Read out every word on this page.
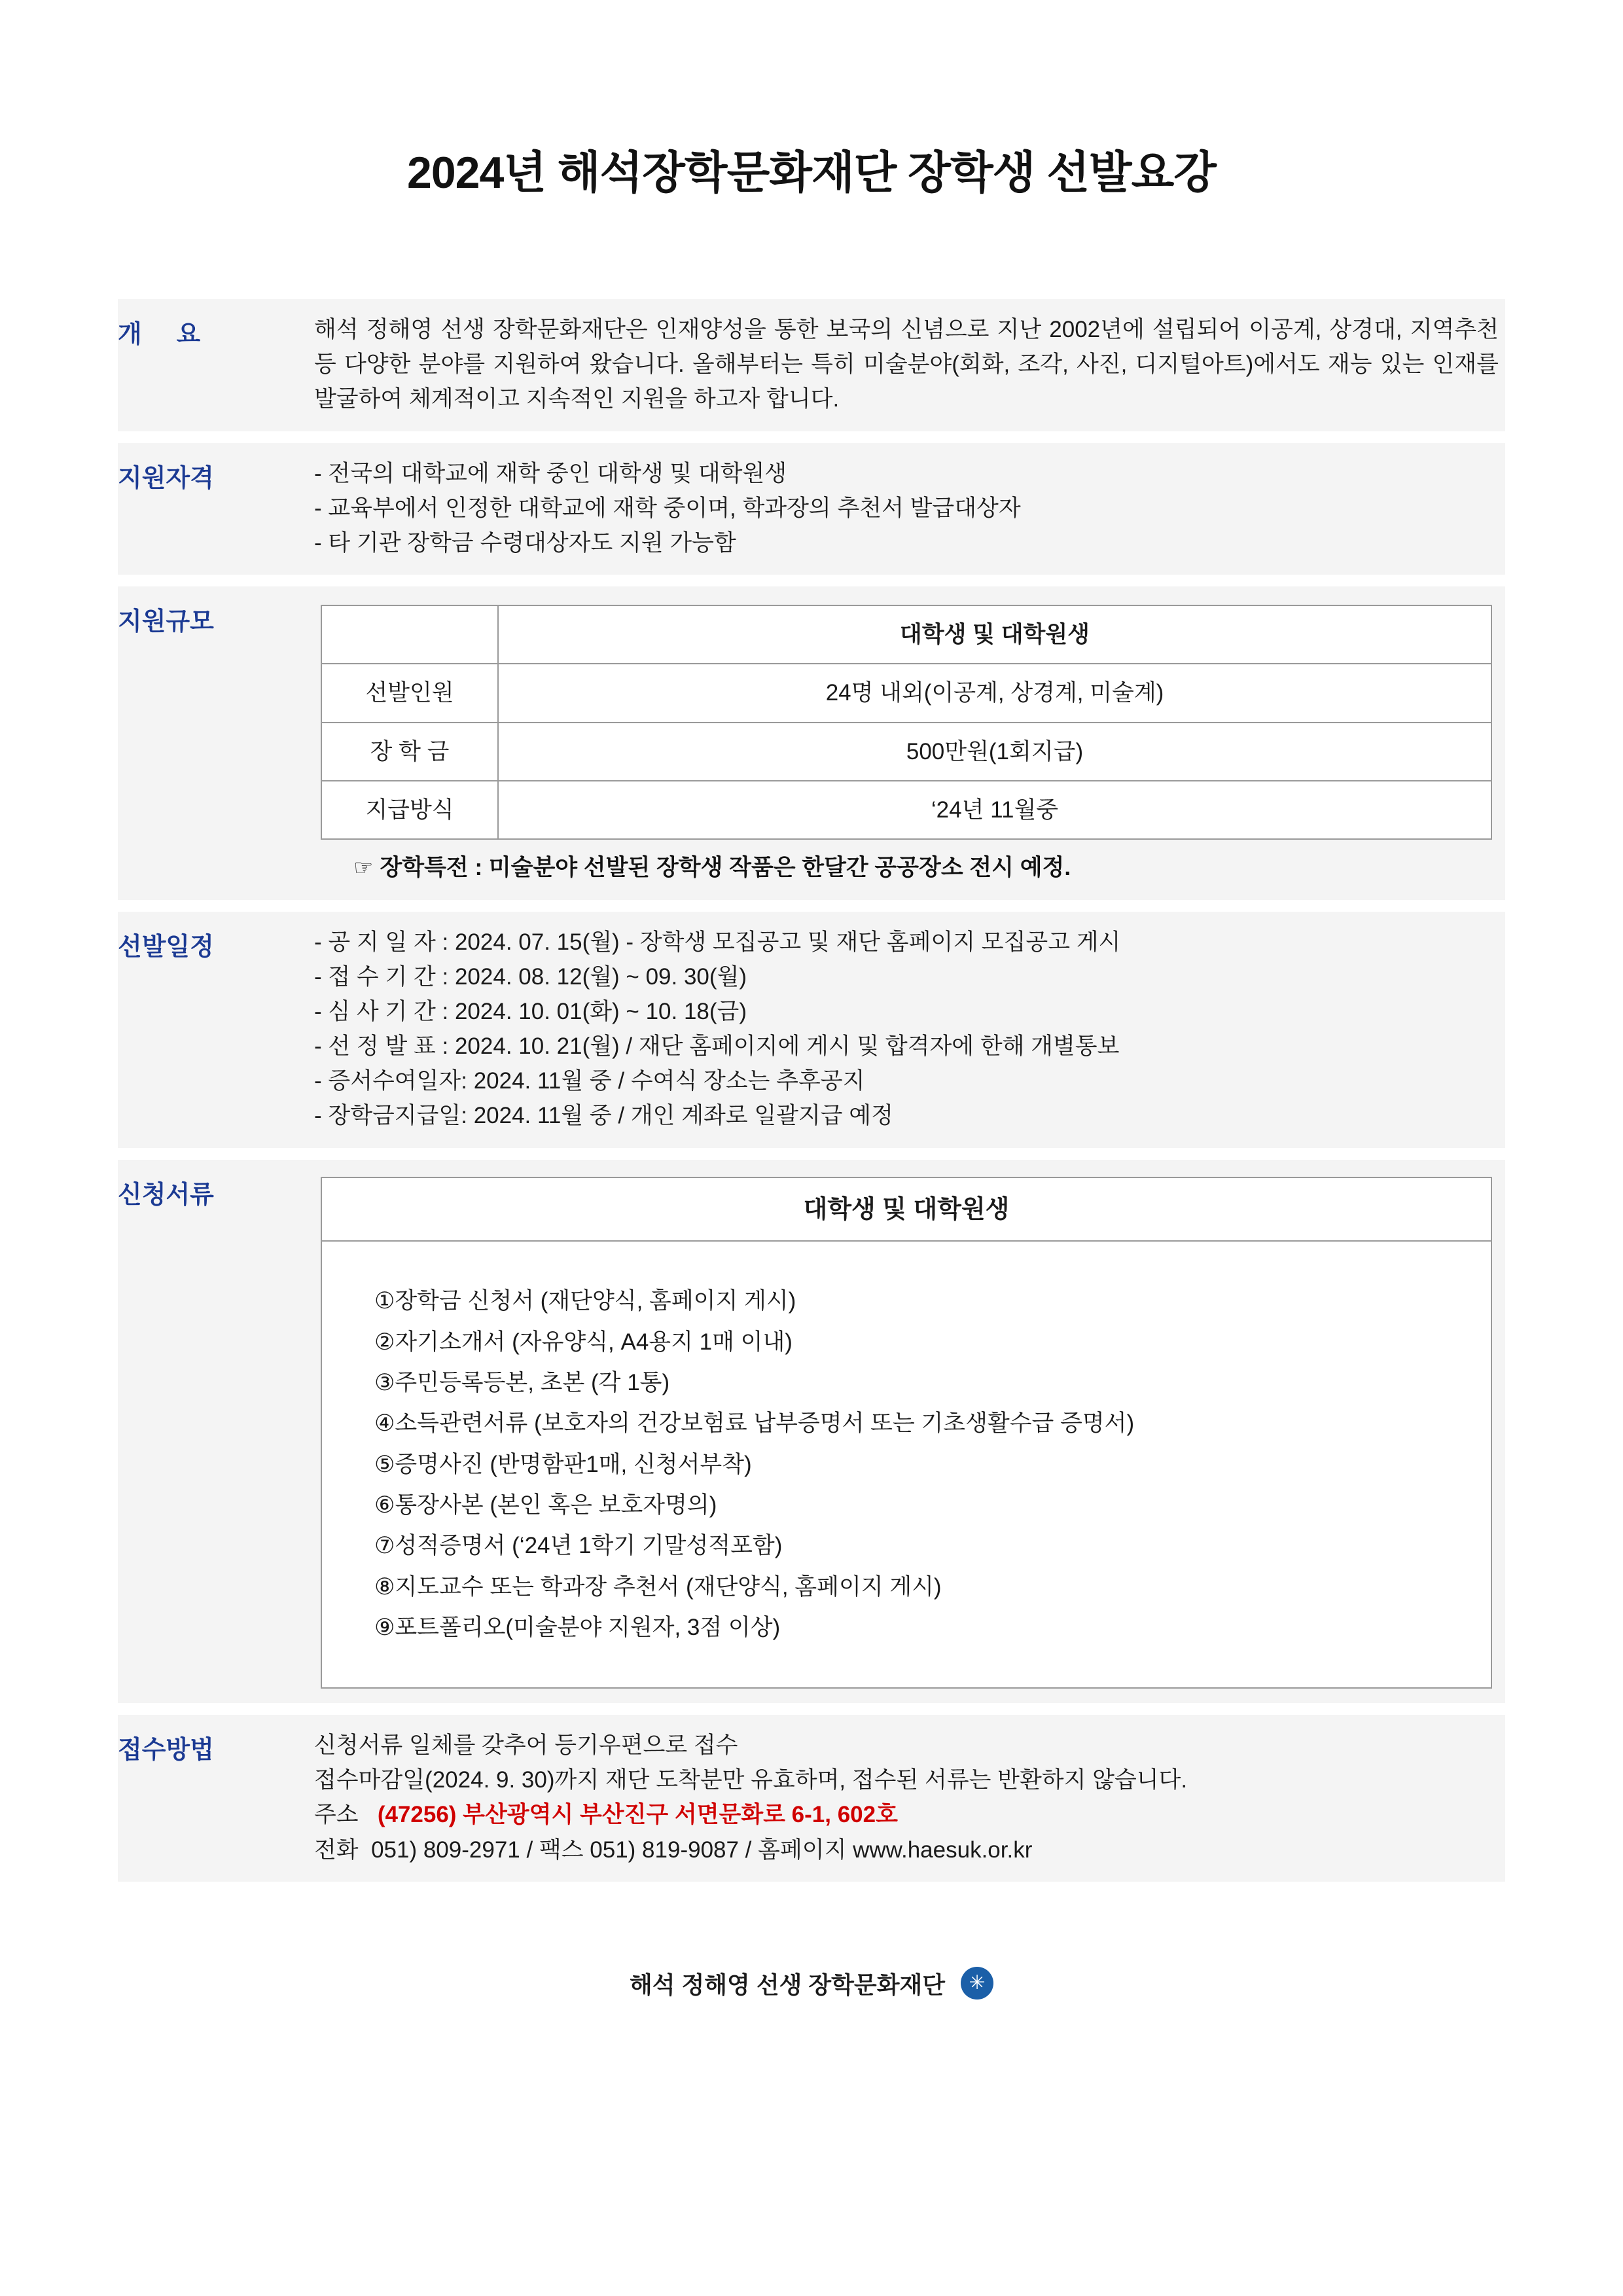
2024년 해석장학문화재단 장학생 선발요강
개     요	해석 정해영 선생 장학문화재단은 인재양성을 통한 보국의 신념으로 지난 2002년에 설립되어 이공계, 상경대, 지역추천 등 다양한 분야를 지원하여 왔습니다. 올해부터는 특히 미술분야(회화, 조각, 사진, 디지털아트)에서도 재능 있는 인재를 발굴하여 체계적이고 지속적인 지원을 하고자 합니다.

지원자격	- 전국의 대학교에 재학 중인 대학생 및 대학원생
- 교육부에서 인정한 대학교에 재학 중이며, 학과장의 추천서 발급대상자
- 타 기관 장학금 수령대상자도 지원 가능함
지원규모
		대학생 및 대학원생
선발인원	24명 내외(이공계, 상경계, 미술계)
장 학 금	500만원(1회지급)
지급방식	‘24년 11월중
☞ 장학특전 : 미술분야 선발된 장학생 작품은 한달간 공공장소 전시 예정.
선발일정	- 공 지 일 자 : 2024. 07. 15(월) - 장학생 모집공고 및 재단 홈페이지 모집공고 게시
- 접 수 기 간 : 2024. 08. 12(월) ~ 09. 30(월)
- 심 사 기 간 : 2024. 10. 01(화) ~ 10. 18(금)
- 선 정 발 표 : 2024. 10. 21(월) / 재단 홈페이지에 게시 및 합격자에 한해 개별통보
- 증서수여일자: 2024. 11월 중 / 수여식 장소는 추후공지
- 장학금지급일: 2024. 11월 중 / 개인 계좌로 일괄지급 예정
신청서류
대학생 및 대학원생
①장학금 신청서 (재단양식, 홈페이지 게시)
②자기소개서 (자유양식, A4용지 1매 이내)
③주민등록등본, 초본 (각 1통)
④소득관련서류 (보호자의 건강보험료 납부증명서 또는 기초생활수급 증명서)
⑤증명사진 (반명함판1매, 신청서부착)
⑥통장사본 (본인 혹은 보호자명의)
⑦성적증명서 (‘24년 1학기 기말성적포함)
⑧지도교수 또는 학과장 추천서 (재단양식, 홈페이지 게시)
⑨포트폴리오(미술분야 지원자, 3점 이상)
접수방법	신청서류 일체를 갖추어 등기우편으로 접수
접수마감일(2024. 9. 30)까지 재단 도착분만 유효하며, 접수된 서류는 반환하지 않습니다.
주소 (47256) 부산광역시 부산진구 서면문화로 6-1, 602호
전화  051) 809-2971 / 팩스 051) 819-9087 / 홈페이지 www.haesuk.or.kr
해석 정해영 선생 장학문화재단	✳
